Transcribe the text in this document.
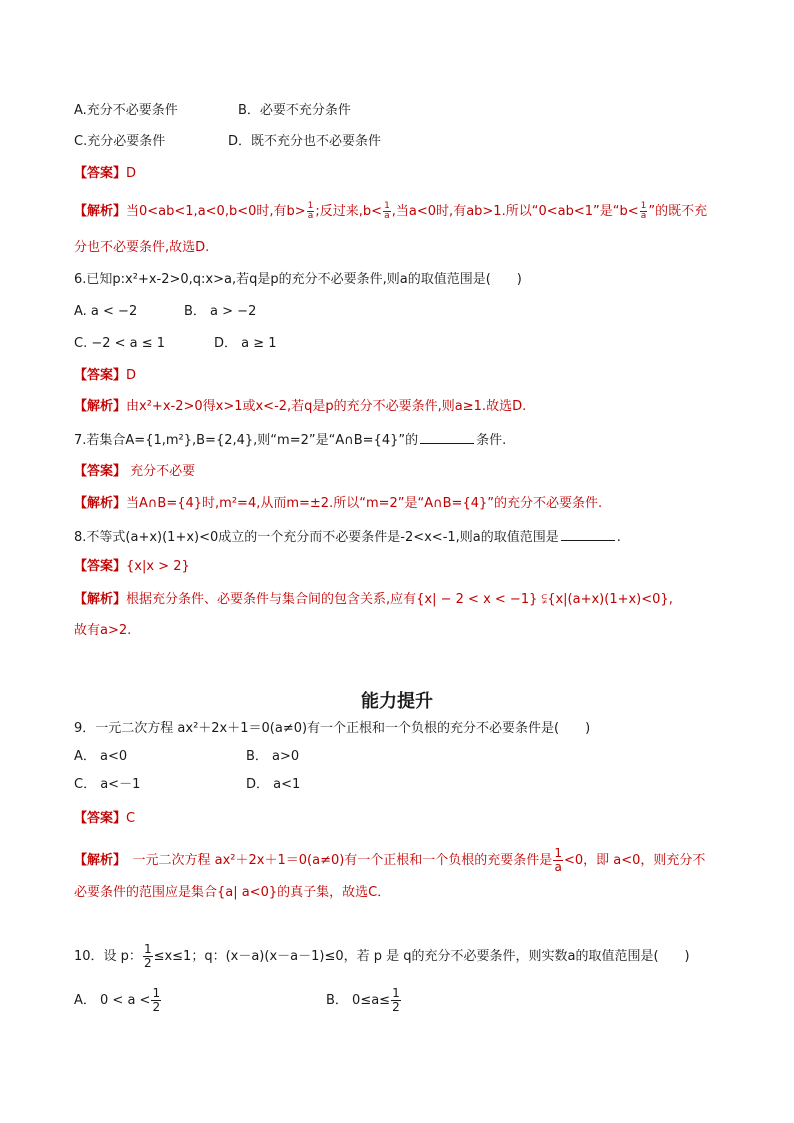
A.充分不必要条件	B．必要不充分条件
C.充分必要条件	D．既不充分也不必要条件
【答案】D
【解析】当0<ab<1,a<0,b<0时,有$b> \frac{1}{a}$ ;反过来$,b< \frac{1}{a}$ ,当a<0时,有ab>1.所以“0<ab<1”是“$b< \frac{1}{a}$ ”的既不充
分也不必要条件,故选D.
6.已知p:x²+x-2>0,q:x>a,若q是p的充分不必要条件,则a的取值范围是(　　)
A. a < −2	B． a > −2
C. −2 < a ≤ 1	D． a ≥ 1
【答案】D
【解析】由x²+x-2>0得x>1或x<-2,若q是p的充分不必要条件,则a≥1.故选D.
7.若集合A={1,m²},B={2,4},则“m=2”是“A∩B={4}”的	条件.
【答案】 充分不必要
【解析】当A∩B={4}时,m²=4,从而m=±2.所以“m=2”是“A∩B={4}”的充分不必要条件.
8.不等式(a+x)(1+x)<0成立的一个充分而不必要条件是-2<x<-1,则a的取值范围是	.
【答案】{x|x > 2}
【解析】根据充分条件、必要条件与集合间的包含关系,应有{x| − 2 < x < −1} ⫋{x|(a+x)(1+x)<0},
故有a>2.
能力提升
9．一元二次方程 ax²＋2x＋1＝0(a≠0)有一个正根和一个负根的充分不必要条件是(　　)
A． a<0	B． a>0
C． a<－1	D． a<1
【答案】C
【解析】　一元二次方程 ax²＋2x＋1＝0(a≠0)有一个正根和一个负根的充要条件是 $\frac{1}{a} <0$，即 a<0，则充分不
必要条件的范围应是集合{a| a<0}的真子集，故选C．
10．设 p： $\frac{1}{2} \le x\le 1$；q：(x－a)(x－a－1)≤0，若 p 是 q的充分不必要条件，则实数a的取值范围是(　　)
A． $0 < a < \frac{1}{2}$	B． $0\le a\le \frac{1}{2}$
